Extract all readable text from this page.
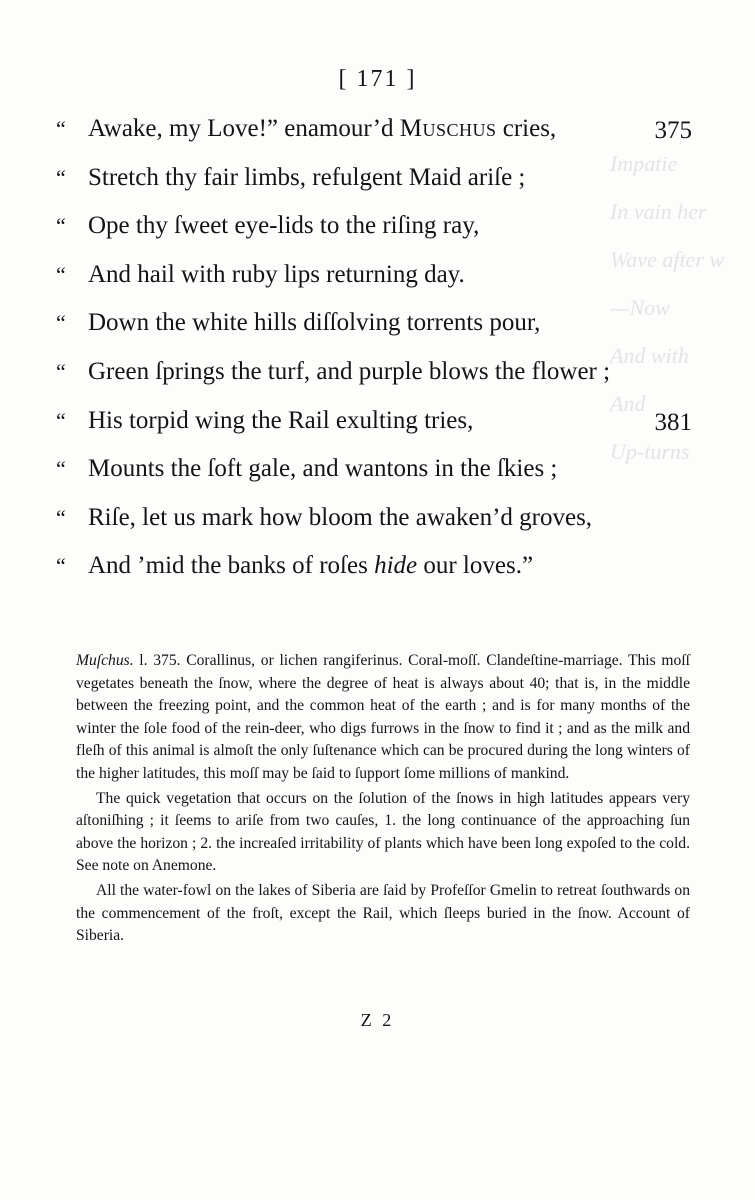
Impatie
In vain her
Wave after w
—Now
And with
And
Up-turns
[ 171 ]
“ Awake, my Love!” enamour’d Muschus cries,	375
“ Stretch thy fair limbs, refulgent Maid ariſe ;
“ Ope thy ſweet eye-lids to the riſing ray,
“ And hail with ruby lips returning day.
“ Down the white hills diſſolving torrents pour,
“ Green ſprings the turf, and purple blows the flower ;
“ His torpid wing the Rail exulting tries,	381
“ Mounts the ſoft gale, and wantons in the ſkies ;
“ Riſe, let us mark how bloom the awaken’d groves,
“ And ’mid the banks of roſes hide our loves.”

Muſchus. l. 375. Corallinus, or lichen rangiferinus. Coral-moſſ. Clandeſtine-marriage. This moſſ vegetates beneath the ſnow, where the degree of heat is always about 40; that is, in the middle between the freezing point, and the common heat of the earth ; and is for many months of the winter the ſole food of the rein-deer, who digs furrows in the ſnow to find it ; and as the milk and fleſh of this animal is almoſt the only ſuſtenance which can be procured during the long winters of the higher latitudes, this moſſ may be ſaid to ſupport ſome millions of mankind.

The quick vegetation that occurs on the ſolution of the ſnows in high latitudes appears very aſtoniſhing ; it ſeems to ariſe from two cauſes, 1. the long continuance of the approaching ſun above the horizon ; 2. the increaſed irritability of plants which have been long expoſed to the cold. See note on Anemone.

All the water-fowl on the lakes of Siberia are ſaid by Profeſſor Gmelin to retreat ſouthwards on the commencement of the froſt, except the Rail, which ſleeps buried in the ſnow. Account of Siberia.

Z 2
